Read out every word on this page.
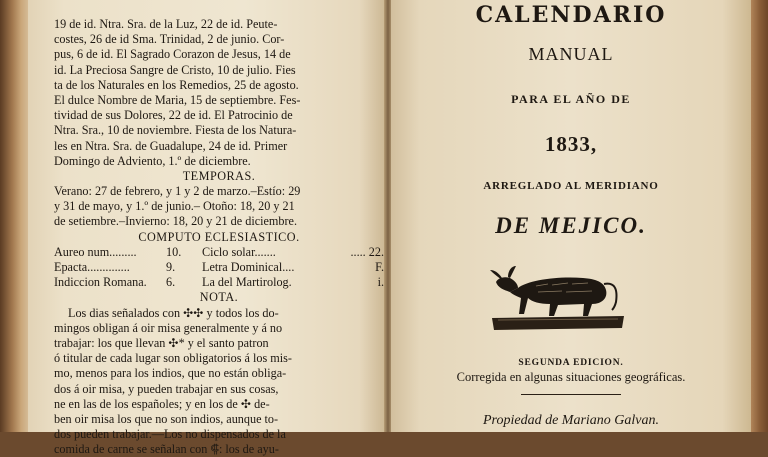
19 de id. Ntra. Sra. de la Luz, 22 de id. Peute-
costes, 26 de id Sma. Trinidad, 2 de junio. Cor-
pus, 6 de id. El Sagrado Corazon de Jesus, 14 de
id. La Preciosa Sangre de Cristo, 10 de julio. Fies
ta de los Naturales en los Remedios, 25 de agosto.
El dulce Nombre de Maria, 15 de septiembre. Fes-
tividad de sus Dolores, 22 de id. El Patrocinio de
Ntra. Sra., 10 de noviembre. Fiesta de los Natura-
les en Ntra. Sra. de Guadalupe, 24 de id. Primer
Domingo de Adviento, 1.º de diciembre.
TEMPORAS.
Verano: 27 de febrero, y 1 y 2 de marzo.–Estío: 29
y 31 de mayo, y 1.º de junio.– Otoño: 18, 20 y 21
de setiembre.–Invierno: 18, 20 y 21 de diciembre.
COMPUTO ECLESIASTICO.
Aureo num.........	10.	Ciclo solar.......	..... 22.
Epacta..............	9.	Letra Dominical....	F.
Indiccion Romana.	6.	La del Martirolog.	i.
NOTA.
Los dias señalados con ✣✣ y todos los do-
mingos obligan á oir misa generalmente y á no
trabajar: los que llevan ✣* y el santo patron
ó titular de cada lugar son obligatorios á los mis-
mo, menos para los indios, que no están obliga-
dos á oir misa, y pueden trabajar en sus cosas,
ne en las de los españoles; y en los de ✣ de-
ben oir misa los que no son indios, aunque to-
dos pueden trabajar.—Los no dispensados de la
comida de carne se señalan con ⸿: los de ayu-
CALENDARIO
MANUAL
PARA EL AÑO DE
1833,
ARREGLADO AL MERIDIANO
DE MEJICO.
SEGUNDA EDICION.
Corregida en algunas situaciones geográficas.
Propiedad de Mariano Galvan.
